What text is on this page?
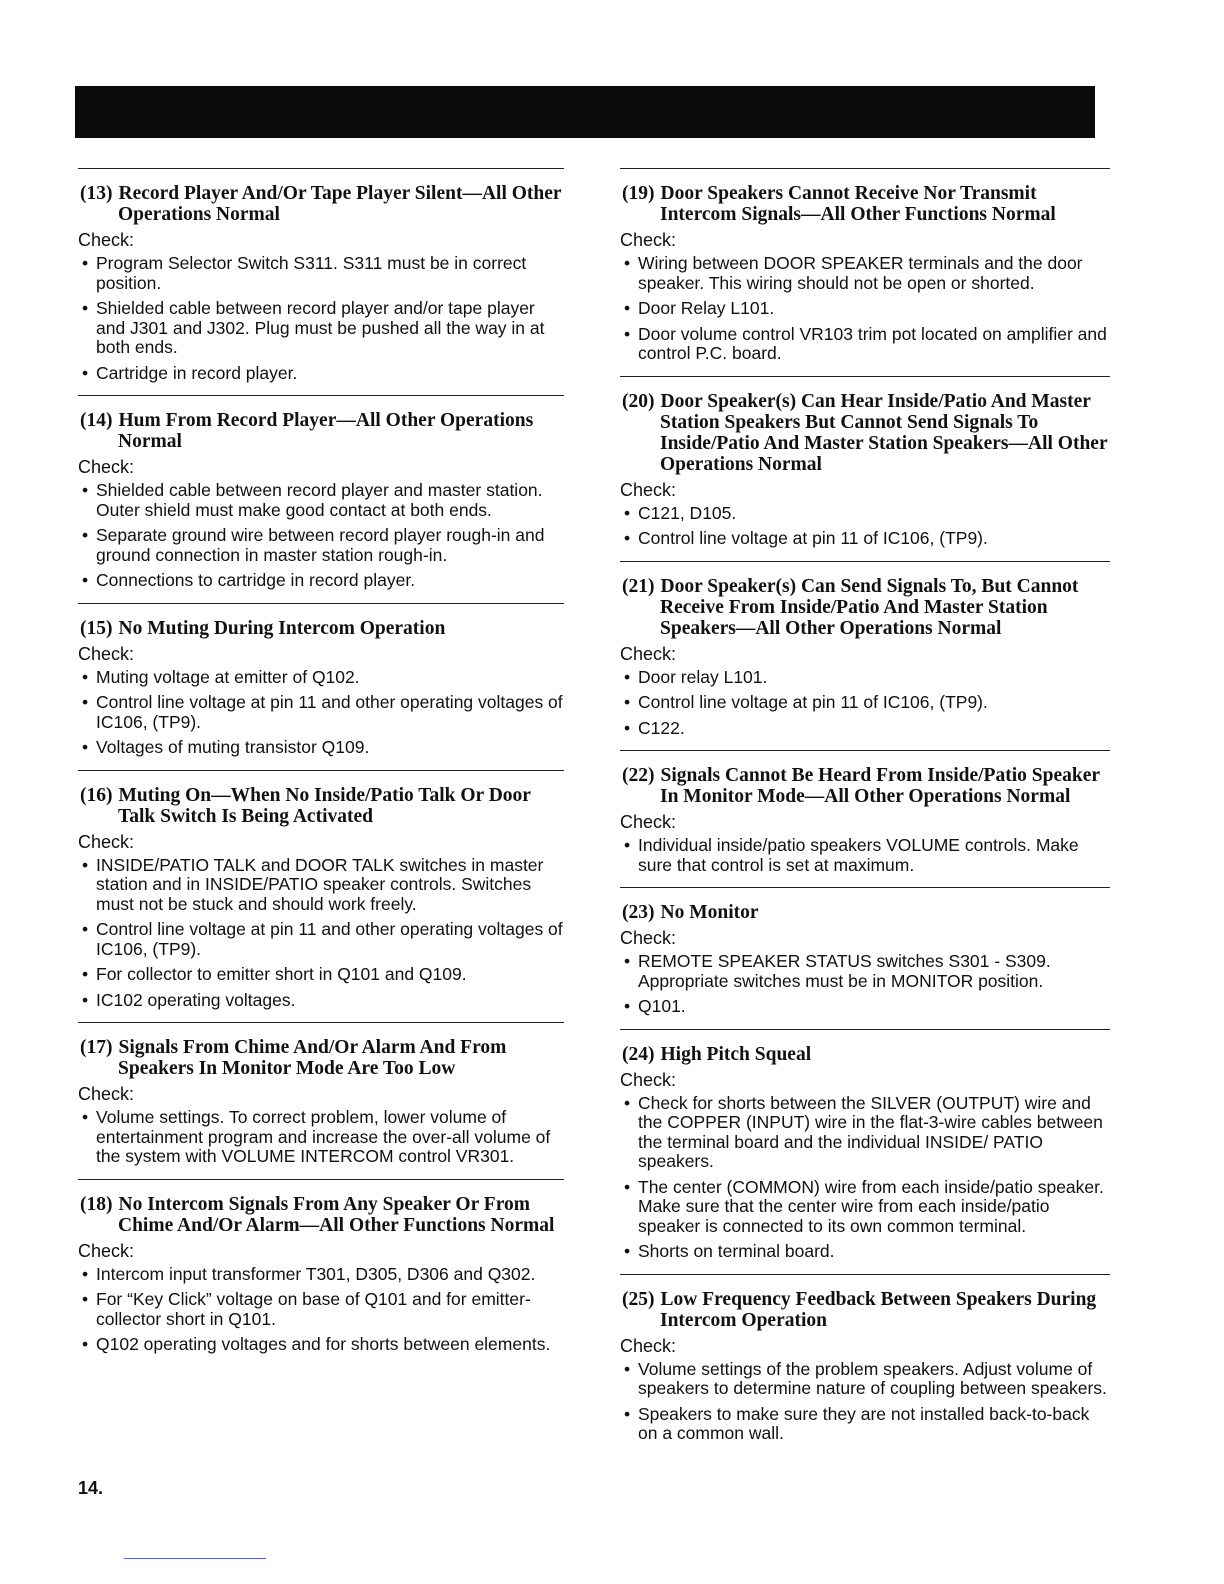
(13) Record Player And/Or Tape Player Silent—All Other Operations Normal
Check:
• Program Selector Switch S311. S311 must be in correct position.
• Shielded cable between record player and/or tape player and J301 and J302. Plug must be pushed all the way in at both ends.
• Cartridge in record player.
(14) Hum From Record Player—All Other Operations Normal
Check:
• Shielded cable between record player and master station. Outer shield must make good contact at both ends.
• Separate ground wire between record player rough-in and ground connection in master station rough-in.
• Connections to cartridge in record player.
(15) No Muting During Intercom Operation
Check:
• Muting voltage at emitter of Q102.
• Control line voltage at pin 11 and other operating voltages of IC106, (TP9).
• Voltages of muting transistor Q109.
(16) Muting On—When No Inside/Patio Talk Or Door Talk Switch Is Being Activated
Check:
• INSIDE/PATIO TALK and DOOR TALK switches in master station and in INSIDE/PATIO speaker controls. Switches must not be stuck and should work freely.
• Control line voltage at pin 11 and other operating voltages of IC106, (TP9).
• For collector to emitter short in Q101 and Q109.
• IC102 operating voltages.
(17) Signals From Chime And/Or Alarm And From Speakers In Monitor Mode Are Too Low
Check:
• Volume settings. To correct problem, lower volume of entertainment program and increase the over-all volume of the system with VOLUME INTERCOM control VR301.
(18) No Intercom Signals From Any Speaker Or From Chime And/Or Alarm—All Other Functions Normal
Check:
• Intercom input transformer T301, D305, D306 and Q302.
• For “Key Click” voltage on base of Q101 and for emitter-collector short in Q101.
• Q102 operating voltages and for shorts between elements.
(19) Door Speakers Cannot Receive Nor Transmit Intercom Signals—All Other Functions Normal
Check:
• Wiring between DOOR SPEAKER terminals and the door speaker. This wiring should not be open or shorted.
• Door Relay L101.
• Door volume control VR103 trim pot located on amplifier and control P.C. board.
(20) Door Speaker(s) Can Hear Inside/Patio And Master Station Speakers But Cannot Send Signals To Inside/Patio And Master Station Speakers—All Other Operations Normal
Check:
• C121, D105.
• Control line voltage at pin 11 of IC106, (TP9).
(21) Door Speaker(s) Can Send Signals To, But Cannot Receive From Inside/Patio And Master Station Speakers—All Other Operations Normal
Check:
• Door relay L101.
• Control line voltage at pin 11 of IC106, (TP9).
• C122.
(22) Signals Cannot Be Heard From Inside/Patio Speaker In Monitor Mode—All Other Operations Normal
Check:
• Individual inside/patio speakers VOLUME controls. Make sure that control is set at maximum.
(23) No Monitor
Check:
• REMOTE SPEAKER STATUS switches S301 - S309. Appropriate switches must be in MONITOR position.
• Q101.
(24) High Pitch Squeal
Check:
• Check for shorts between the SILVER (OUTPUT) wire and the COPPER (INPUT) wire in the flat-3-wire cables between the terminal board and the individual INSIDE/ PATIO speakers.
• The center (COMMON) wire from each inside/patio speaker. Make sure that the center wire from each inside/patio speaker is connected to its own common terminal.
• Shorts on terminal board.
(25) Low Frequency Feedback Between Speakers During Intercom Operation
Check:
• Volume settings of the problem speakers. Adjust volume of speakers to determine nature of coupling between speakers.
• Speakers to make sure they are not installed back-to-back on a common wall.
14.
